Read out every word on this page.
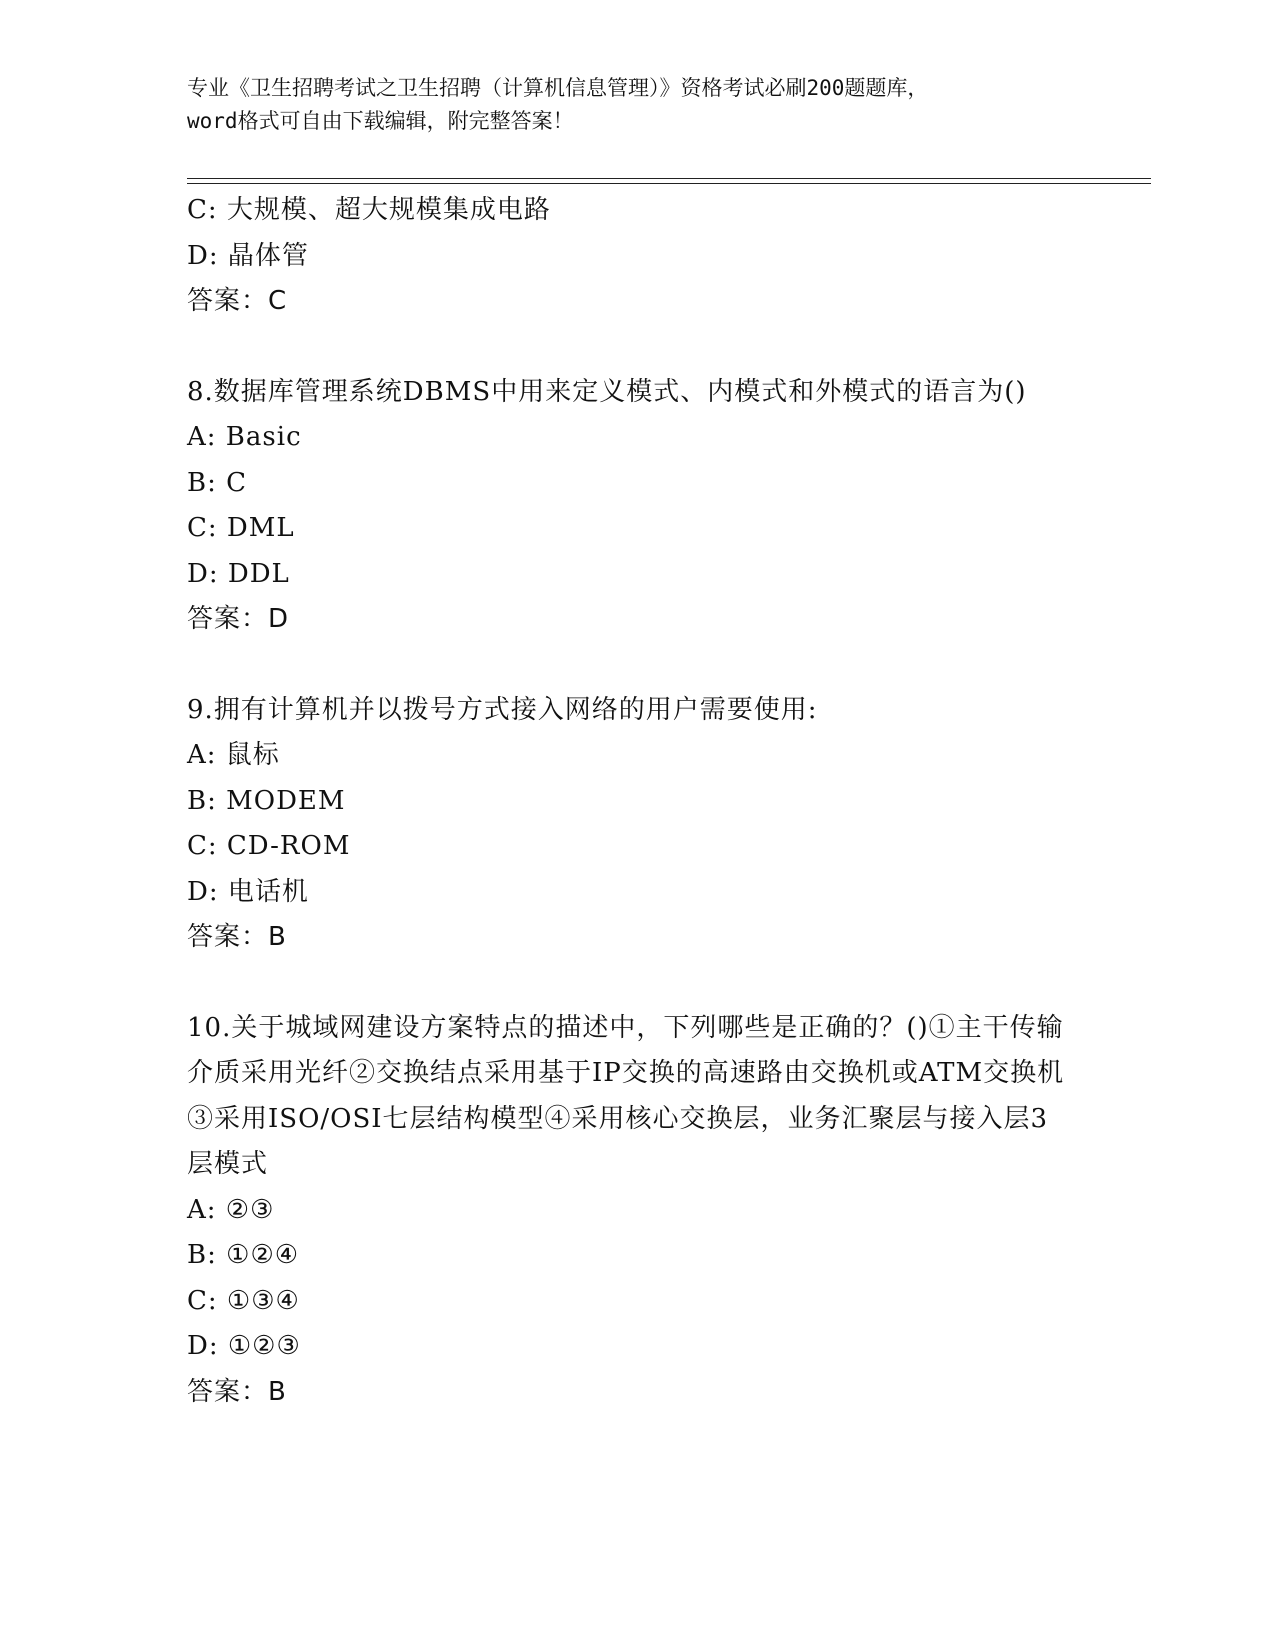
专业《卫生招聘考试之卫生招聘（计算机信息管理）》资格考试必刷200题题库，
word格式可自由下载编辑，附完整答案！
C: 大规模、超大规模集成电路
D: 晶体管
答案：C
8.数据库管理系统DBMS中用来定义模式、内模式和外模式的语言为()
A: Basic
B: C
C: DML
D: DDL
答案：D
9.拥有计算机并以拨号方式接入网络的用户需要使用:
A: 鼠标
B: MODEM
C: CD-ROM
D: 电话机
答案：B
10.关于城域网建设方案特点的描述中，下列哪些是正确的？()①主干传输介质采用光纤②交换结点采用基于IP交换的高速路由交换机或ATM交换机③采用ISO/OSI七层结构模型④采用核心交换层，业务汇聚层与接入层3层模式
A: ②③
B: ①②④
C: ①③④
D: ①②③
答案：B
